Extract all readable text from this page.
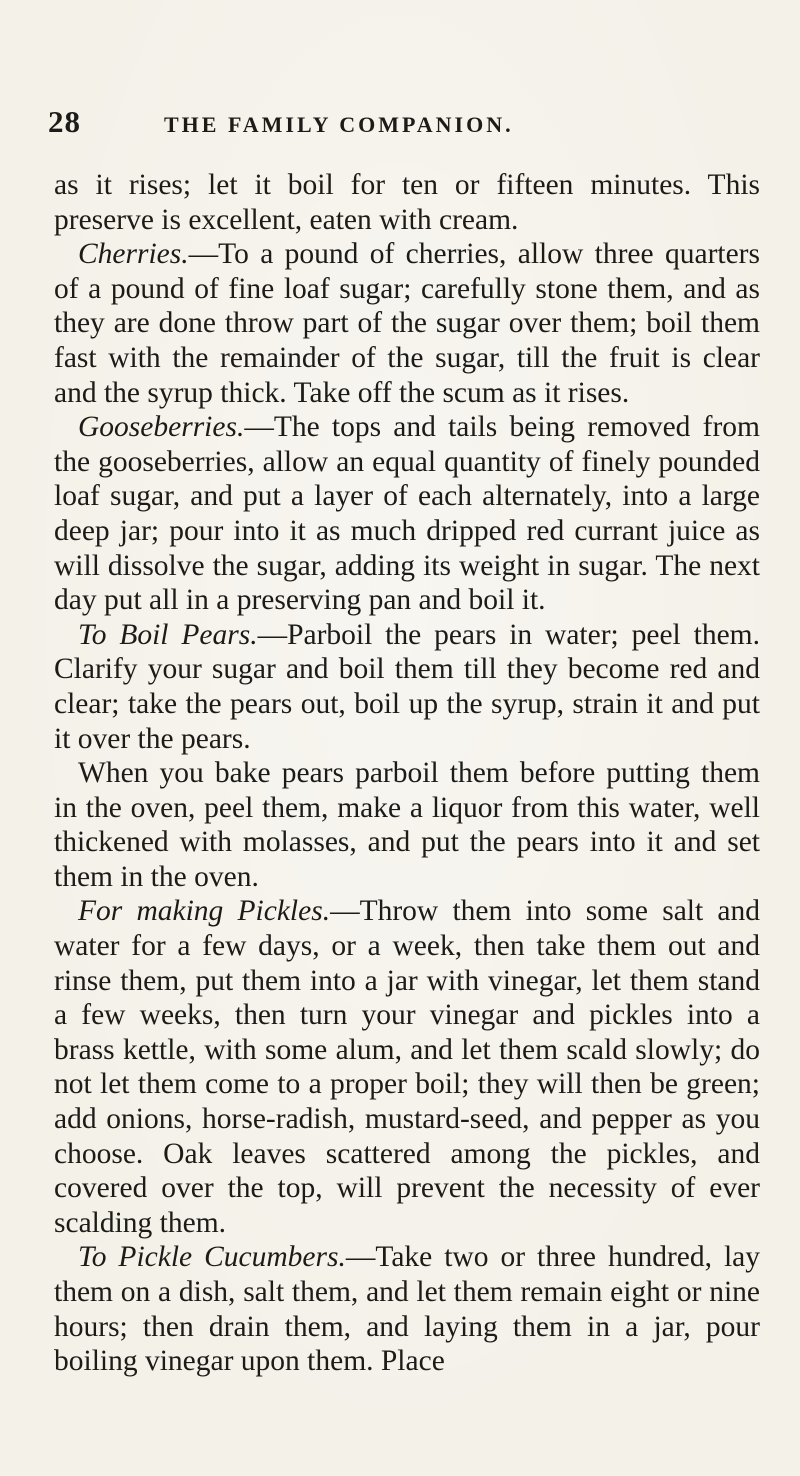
28	THE FAMILY COMPANION.

as it rises; let it boil for ten or fifteen minutes. This preserve is excellent, eaten with cream.

Cherries.—To a pound of cherries, allow three quarters of a pound of fine loaf sugar; carefully stone them, and as they are done throw part of the sugar over them; boil them fast with the remainder of the sugar, till the fruit is clear and the syrup thick. Take off the scum as it rises.

Gooseberries.—The tops and tails being removed from the gooseberries, allow an equal quantity of finely pounded loaf sugar, and put a layer of each alternately, into a large deep jar; pour into it as much dripped red currant juice as will dissolve the sugar, adding its weight in sugar. The next day put all in a preserving pan and boil it.

To Boil Pears.—Parboil the pears in water; peel them. Clarify your sugar and boil them till they become red and clear; take the pears out, boil up the syrup, strain it and put it over the pears.

When you bake pears parboil them before putting them in the oven, peel them, make a liquor from this water, well thickened with molasses, and put the pears into it and set them in the oven.

For making Pickles.—Throw them into some salt and water for a few days, or a week, then take them out and rinse them, put them into a jar with vinegar, let them stand a few weeks, then turn your vinegar and pickles into a brass kettle, with some alum, and let them scald slowly; do not let them come to a proper boil; they will then be green; add onions, horse-radish, mustard-seed, and pepper as you choose. Oak leaves scattered among the pickles, and covered over the top, will prevent the necessity of ever scalding them.

To Pickle Cucumbers.—Take two or three hundred, lay them on a dish, salt them, and let them remain eight or nine hours; then drain them, and laying them in a jar, pour boiling vinegar upon them. Place
